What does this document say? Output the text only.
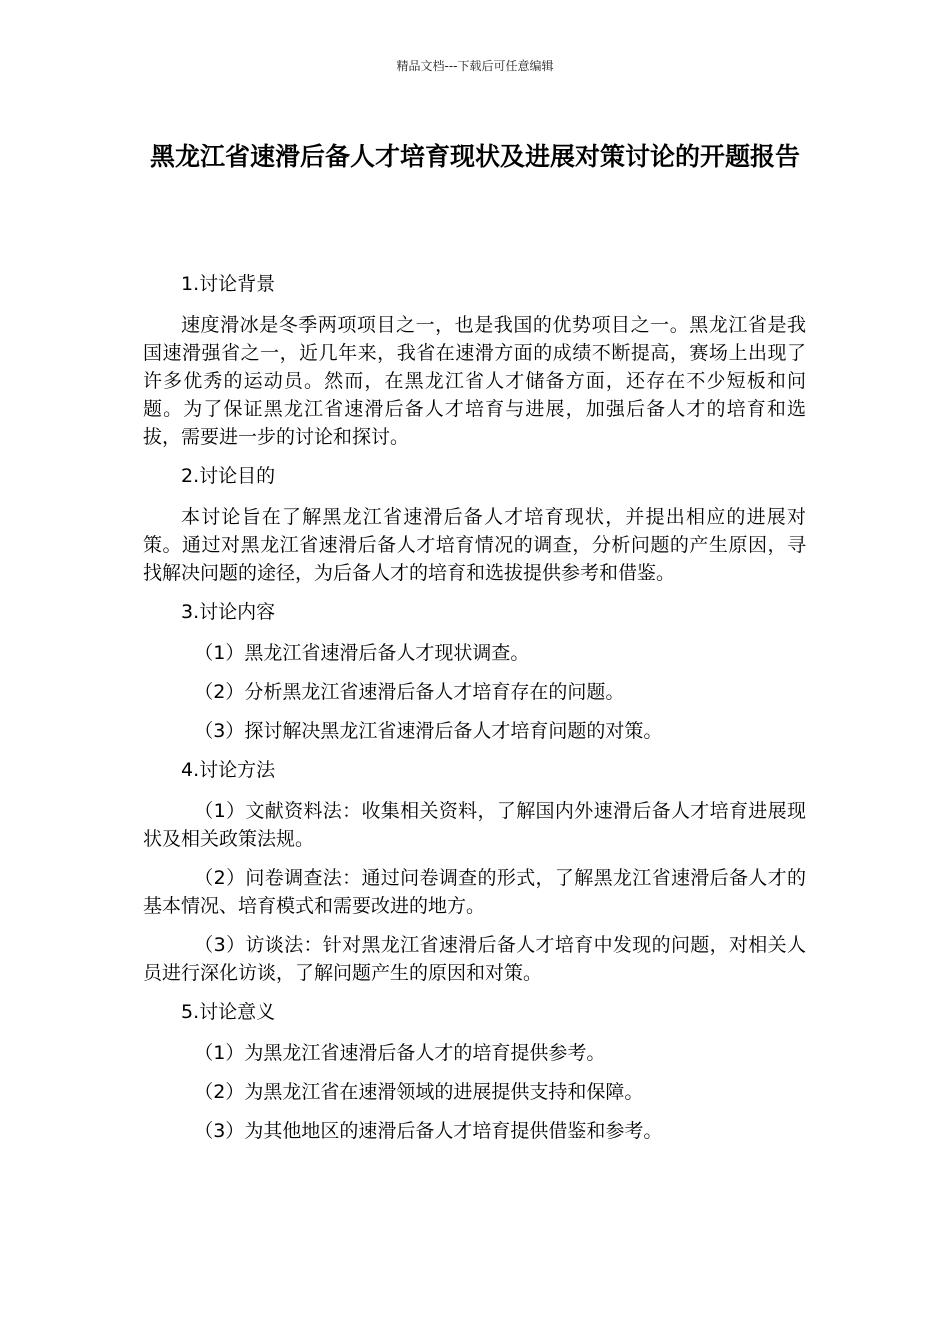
精品文档---下载后可任意编辑
黑龙江省速滑后备人才培育现状及进展对策讨论的开题报告

1.讨论背景

速度滑冰是冬季两项项目之一，也是我国的优势项目之一。黑龙江省是我国速滑强省之一，近几年来，我省在速滑方面的成绩不断提高，赛场上出现了许多优秀的运动员。然而，在黑龙江省人才储备方面，还存在不少短板和问题。为了保证黑龙江省速滑后备人才培育与进展，加强后备人才的培育和选拔，需要进一步的讨论和探讨。

2.讨论目的

本讨论旨在了解黑龙江省速滑后备人才培育现状，并提出相应的进展对策。通过对黑龙江省速滑后备人才培育情况的调查，分析问题的产生原因，寻找解决问题的途径，为后备人才的培育和选拔提供参考和借鉴。

3.讨论内容

（1）黑龙江省速滑后备人才现状调查。

（2）分析黑龙江省速滑后备人才培育存在的问题。

（3）探讨解决黑龙江省速滑后备人才培育问题的对策。

4.讨论方法

（1）文献资料法：收集相关资料，了解国内外速滑后备人才培育进展现状及相关政策法规。

（2）问卷调查法：通过问卷调查的形式，了解黑龙江省速滑后备人才的基本情况、培育模式和需要改进的地方。

（3）访谈法：针对黑龙江省速滑后备人才培育中发现的问题，对相关人员进行深化访谈，了解问题产生的原因和对策。

5.讨论意义

（1）为黑龙江省速滑后备人才的培育提供参考。

（2）为黑龙江省在速滑领域的进展提供支持和保障。

（3）为其他地区的速滑后备人才培育提供借鉴和参考。
